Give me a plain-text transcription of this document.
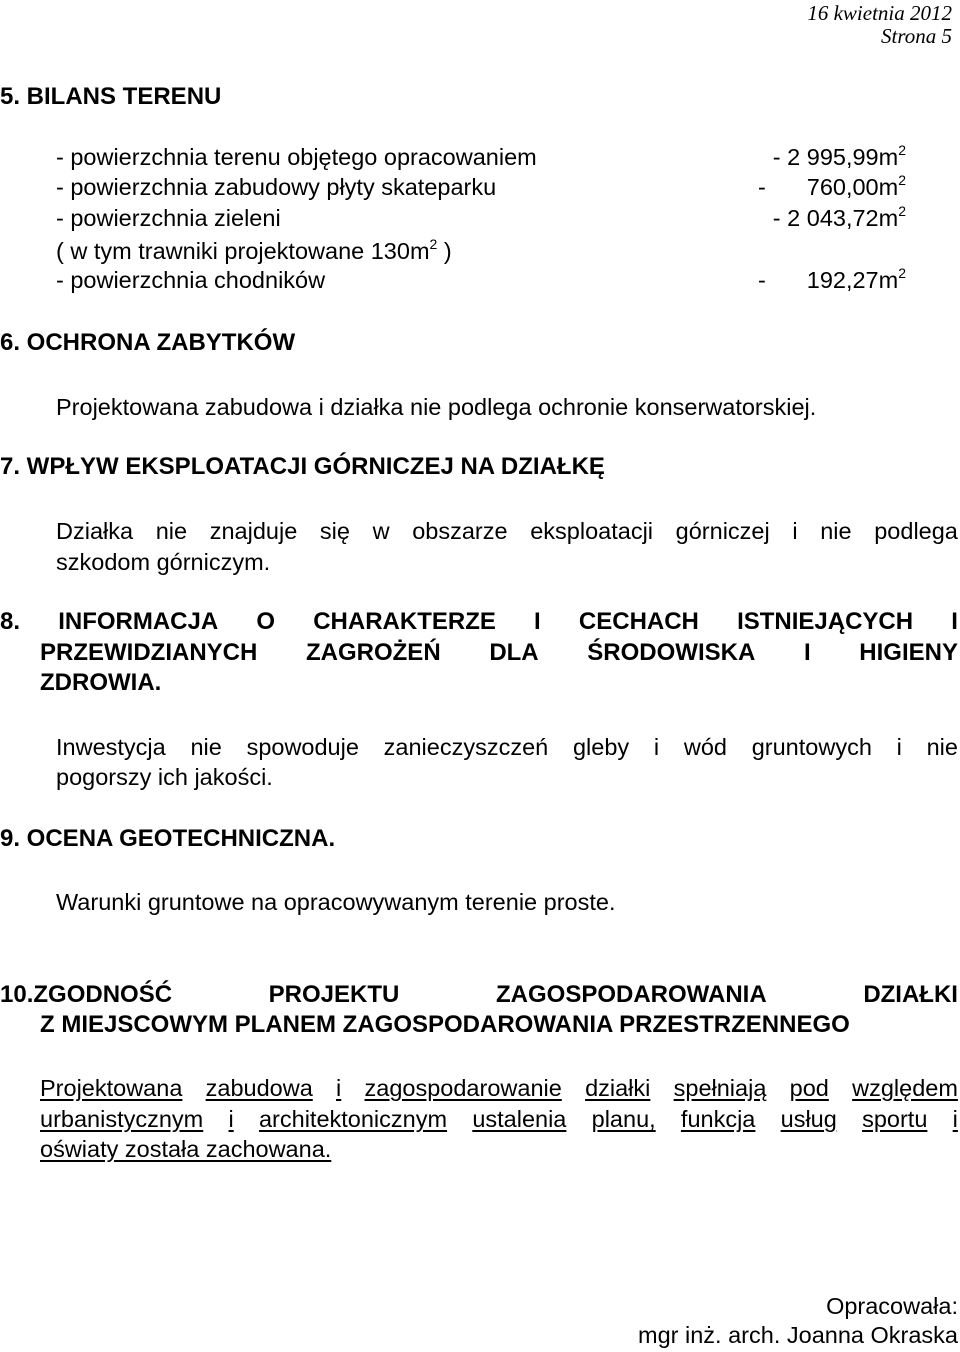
16 kwietnia 2012
Strona 5
5. BILANS TERENU
- powierzchnia terenu objętego opracowaniem	- 2 $995,99m^2$
- powierzchnia zabudowy płyty skateparku	- $760,00m^2$
- powierzchnia zieleni	- 2 $043,72m^2$
( w tym trawniki projektowane $130m^2$ )
- powierzchnia chodników	- $192,27m^2$
6. OCHRONA ZABYTKÓW
Projektowana zabudowa i działka nie podlega ochronie konserwatorskiej.
7. WPŁYW EKSPLOATACJI GÓRNICZEJ NA DZIAŁKĘ
Działka nie znajduje się w obszarze eksploatacji górniczej i nie podlega
szkodom górniczym.
8. INFORMACJA O CHARAKTERZE I CECHACH ISTNIEJĄCYCH I
PRZEWIDZIANYCH ZAGROŻEŃ DLA ŚRODOWISKA I HIGIENY
ZDROWIA.
Inwestycja nie spowoduje zanieczyszczeń gleby i wód gruntowych i nie
pogorszy ich jakości.
9. OCENA GEOTECHNICZNA.
Warunki gruntowe na opracowywanym terenie proste.
10.ZGODNOŚĆ	PROJEKTU	ZAGOSPODAROWANIA	DZIAŁKI
Z MIEJSCOWYM PLANEM ZAGOSPODAROWANIA PRZESTRZENNEGO
Projektowana zabudowa i zagospodarowanie działki spełniają pod względem
urbanistycznym i architektonicznym ustalenia planu, funkcja usług sportu i
oświaty została zachowana.
Opracowała:
mgr inż. arch. Joanna Okraska
